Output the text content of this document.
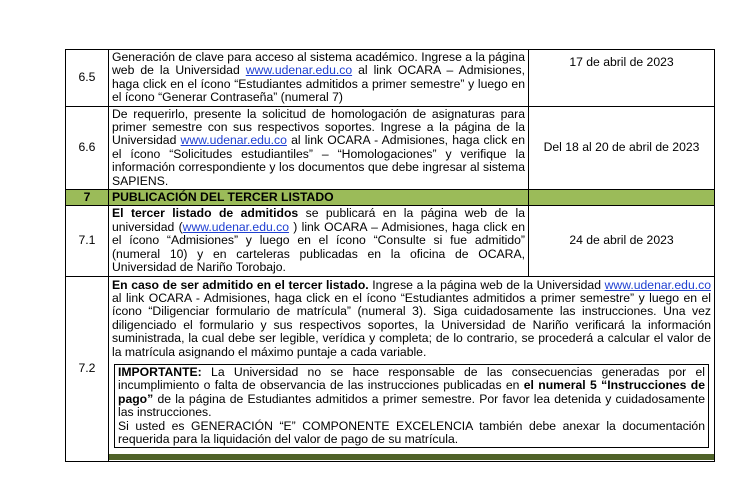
6.5	Generación de clave para acceso al sistema académico. Ingrese a la página web de la Universidad www.udenar.edu.co al link OCARA – Admisiones, haga click en el ícono “Estudiantes admitidos a primer semestre” y luego en el ícono “Generar Contraseña” (numeral 7)	17 de abril de 2023
6.6	De requerirlo, presente la solicitud de homologación de asignaturas para primer semestre con sus respectivos soportes. Ingrese a la página de la Universidad www.udenar.edu.co al link OCARA - Admisiones, haga click en el ícono “Solicitudes estudiantiles” – “Homologaciones” y verifique la información correspondiente y los documentos que debe ingresar al sistema SAPIENS.	Del 18 al 20 de abril de 2023
7	PUBLICACIÓN DEL TERCER LISTADO	
7.1	El tercer listado de admitidos se publicará en la página web de la universidad (www.udenar.edu.co ) link OCARA – Admisiones, haga click en el ícono “Admisiones” y luego en el ícono “Consulte si fue admitido” (numeral 10) y en carteleras publicadas en la oficina de OCARA, Universidad de Nariño Torobajo.	24 de abril de 2023
7.2	En caso de ser admitido en el tercer listado. Ingrese a la página web de la Universidad www.udenar.edu.co al link OCARA - Admisiones, haga click en el ícono “Estudiantes admitidos a primer semestre” y luego en el ícono “Diligenciar formulario de matrícula” (numeral 3). Siga cuidadosamente las instrucciones. Una vez diligenciado el formulario y sus respectivos soportes, la Universidad de Nariño verificará la información suministrada, la cual debe ser legible, verídica y completa; de lo contrario, se procederá a calcular el valor de la matrícula asignando el máximo puntaje a cada variable.
IMPORTANTE: La Universidad no se hace responsable de las consecuencias generadas por el incumplimiento o falta de observancia de las instrucciones publicadas en el numeral 5 “Instrucciones de pago” de la página de Estudiantes admitidos a primer semestre. Por favor lea detenida y cuidadosamente las instrucciones.
Si usted es GENERACIÓN “E” COMPONENTE EXCELENCIA también debe anexar la documentación requerida para la liquidación del valor de pago de su matrícula.	
